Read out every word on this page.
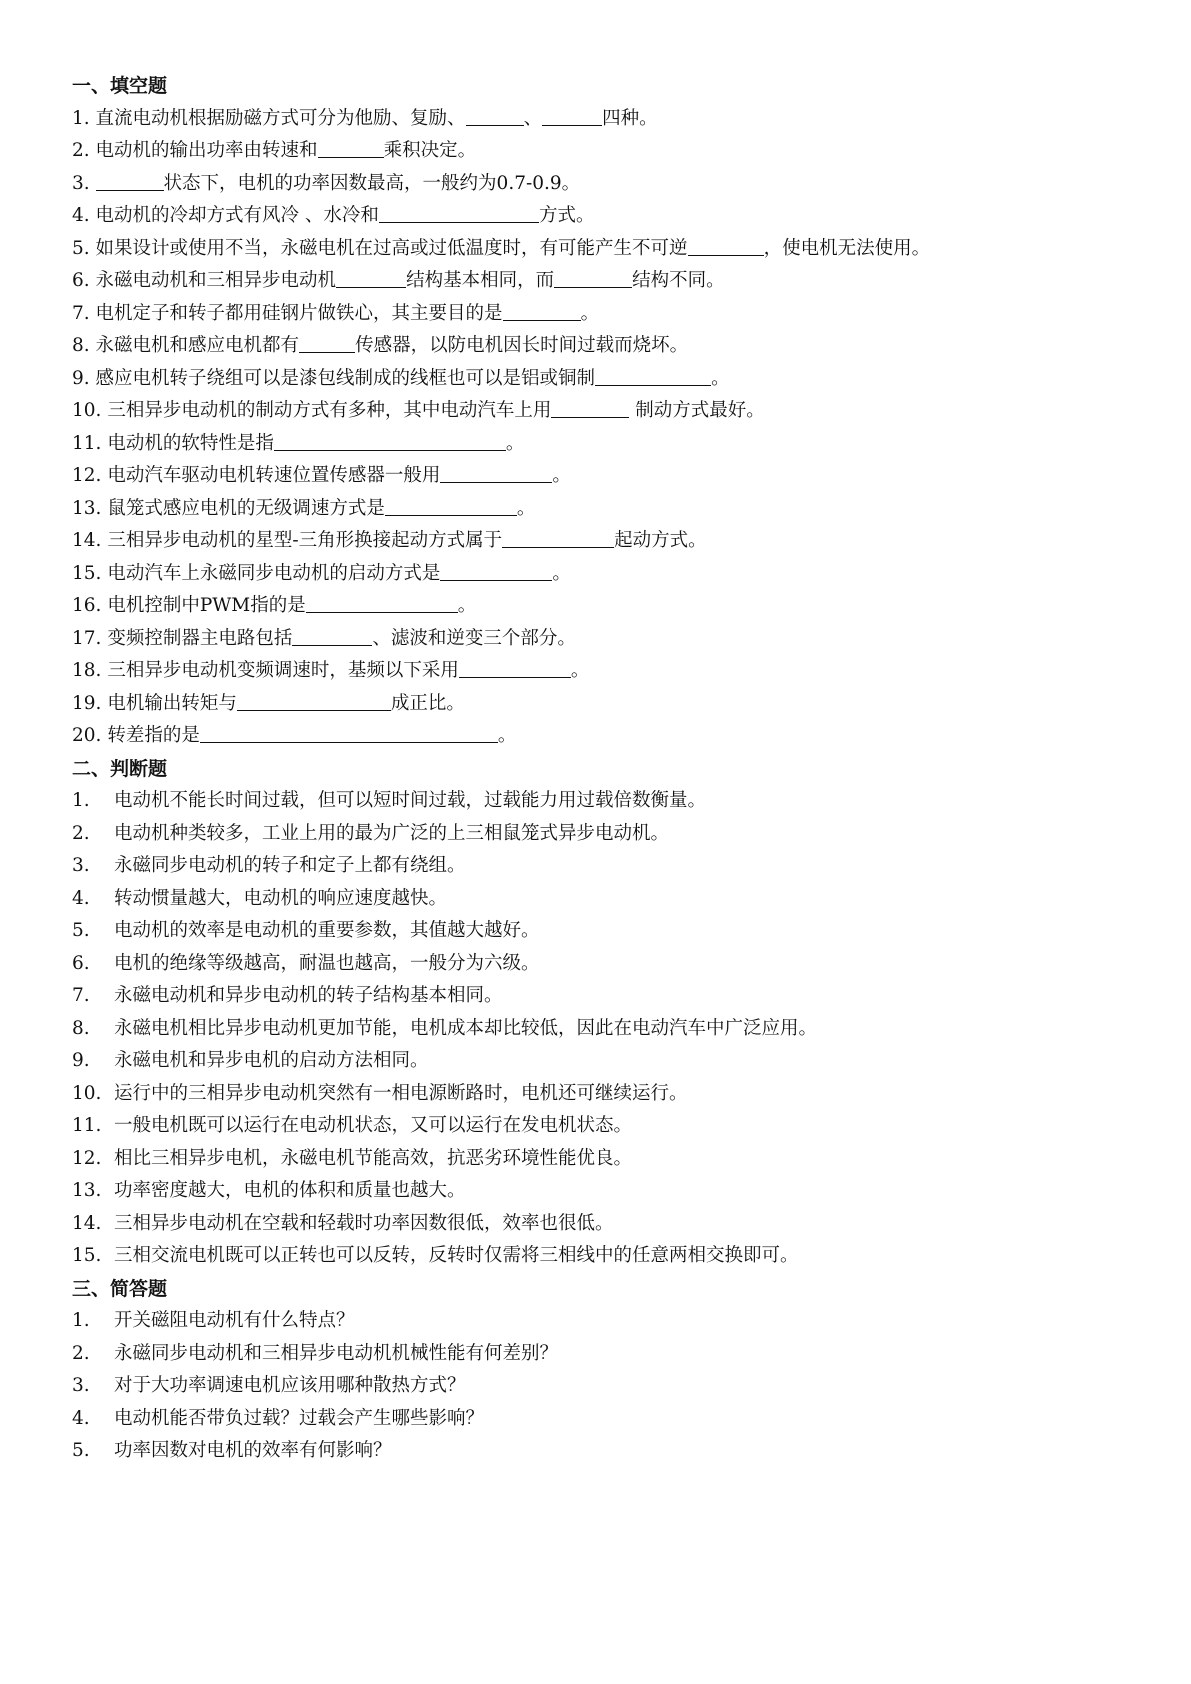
一、填空题
1. 直流电动机根据励磁方式可分为他励、复励、	、	四种。
2. 电动机的输出功率由转速和	乘积决定。
3.	状态下，电机的功率因数最高，一般约为0.7-0.9。
4. 电动机的冷却方式有风冷 、水冷和	方式。
5. 如果设计或使用不当，永磁电机在过高或过低温度时，有可能产生不可逆	，使电机无法使用。
6. 永磁电动机和三相异步电动机	结构基本相同，而	结构不同。
7. 电机定子和转子都用硅钢片做铁心，其主要目的是	。
8. 永磁电机和感应电机都有	传感器，以防电机因长时间过载而烧坏。
9. 感应电机转子绕组可以是漆包线制成的线框也可以是铝或铜制	。
10. 三相异步电动机的制动方式有多种，其中电动汽车上用	制动方式最好。
11. 电动机的软特性是指	。
12. 电动汽车驱动电机转速位置传感器一般用	。
13. 鼠笼式感应电机的无级调速方式是	。
14. 三相异步电动机的星型-三角形换接起动方式属于	起动方式。
15. 电动汽车上永磁同步电动机的启动方式是	。
16. 电机控制中PWM指的是	。
17. 变频控制器主电路包括	、滤波和逆变三个部分。
18. 三相异步电动机变频调速时，基频以下采用	。
19. 电机输出转矩与	成正比。
20. 转差指的是	。
二、判断题
1. 电动机不能长时间过载，但可以短时间过载，过载能力用过载倍数衡量。
2. 电动机种类较多，工业上用的最为广泛的上三相鼠笼式异步电动机。
3. 永磁同步电动机的转子和定子上都有绕组。
4. 转动惯量越大，电动机的响应速度越快。
5. 电动机的效率是电动机的重要参数，其值越大越好。
6. 电机的绝缘等级越高，耐温也越高，一般分为六级。
7. 永磁电动机和异步电动机的转子结构基本相同。
8. 永磁电机相比异步电动机更加节能，电机成本却比较低，因此在电动汽车中广泛应用。
9. 永磁电机和异步电机的启动方法相同。
10. 运行中的三相异步电动机突然有一相电源断路时，电机还可继续运行。
11. 一般电机既可以运行在电动机状态，又可以运行在发电机状态。
12. 相比三相异步电机，永磁电机节能高效，抗恶劣环境性能优良。
13. 功率密度越大，电机的体积和质量也越大。
14. 三相异步电动机在空载和轻载时功率因数很低，效率也很低。
15. 三相交流电机既可以正转也可以反转，反转时仅需将三相线中的任意两相交换即可。
三、简答题
1. 开关磁阻电动机有什么特点？
2. 永磁同步电动机和三相异步电动机机械性能有何差别？
3. 对于大功率调速电机应该用哪种散热方式？
4. 电动机能否带负过载？过载会产生哪些影响？
5. 功率因数对电机的效率有何影响？
